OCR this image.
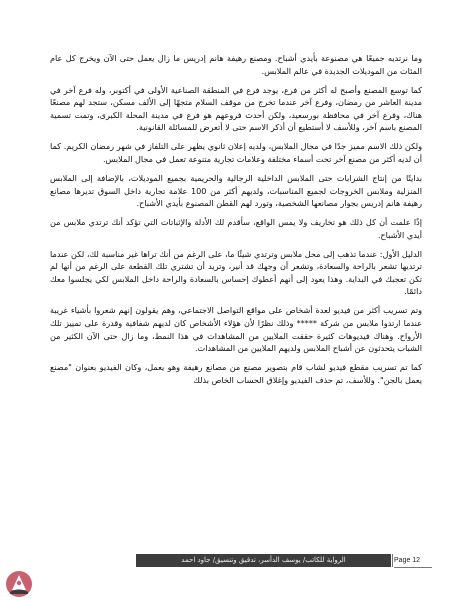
وما نرتديه جميعًا هي مصنوعة بأيدي أشباح. ومصنع رهيفة هانم إدريس ما زال يعمل حتى الآن ويخرج كل عام المئات من الموديلات الجديدة في عالم الملابس.

كما توسع المصنع وأصبح له أكثر من فرع، يوجد فرع في المنطقة الصناعية الأولى في أكتوبر، وله فرع آخر في مدينة العاشر من رمضان، وفرع آخر عندما تخرج من موقف السلام متجهًا إلى الألف مسكن، ستجد لهم مصنعًا هناك، وفرع آخر في محافظة بورسعيد، ولكن أحدث فروعهم هو فرع في مدينة المحلة الكبرى، وتمت تسمية المصنع باسم آخر، وللأسف لا أستطيع أن أذكر الاسم حتى لا أتعرض للمسائلة القانونية.

ولكن ذلك الاسم مميز جدًا في مجال الملابس، ولديه إعلان ثانوي يظهر على التلفاز في شهر رمضان الكريم. كما أن لديه أكثر من مصنع آخر تحت أسماء مختلفة وعلامات تجارية متنوعة تعمل في مجال الملابس.

بدايتًا من إنتاج الشرابات حتى الملابس الداخلية الرجالية والحريمية بجميع الموديلات، بالإضافة إلى الملابس المنزلية وملابس الخروجات لجميع المناسبات، ولديهم أكثر من 100 علامة تجارية داخل السوق تديرها مصانع رهيفة هانم إدريس بجوار مصانعها الشخصية، وتورد لهم القطن المصنوع بأيدي الأشباح.

إذًا علمت أن كل ذلك هو تخاريف ولا يمس الواقع، سأقدم لك الأدلة والإثباتات التي تؤكد أنك ترتدي ملابس من أيدي الأشباح.

الدليل الأول: عندما تذهب إلى محل ملابس وترتدي شيئًا ما، على الرغم من أنك تراها غير مناسبة لك، لكن عندما ترتديها تشعر بالراحة والسعادة، وتشعر أن وجهك قد أنير، وتريد أن تشتري تلك القطعة على الرغم من أنها لم تكن تعجبك في البداية. وهذا يعود إلى أنهم أعطوك إحساس بالسعادة والراحة داخل الملابس لكي يجلسوا معك دائمًا.

وتم تسريب أكثر من فيديو لعدة أشخاص على مواقع التواصل الاجتماعي، وهم يقولون إنهم شعروا بأشياء غريبة عندما ارتدوا ملابس من شركة ***** وذلك نظرًا لأن هؤلاء الأشخاص كان لديهم شفافية وقدرة على تمييز تلك الأرواح. وهناك فيديوهات كثيرة حققت الملايين من المشاهدات في هذا النمط، وما زال حتى الآن الكثير من الشباب يتحدثون عن أشباح الملابس ولديهم الملايين من المشاهدات.

كما تم تسريب مقطع فيديو لشاب قام بتصوير مصنع من مصانع رهيفة وهو يعمل، وكان الفيديو بعنوان "مصنع يعمل بالجن". وللأسف، تم حذف الفيديو وإغلاق الحساب الخاص بذلك

الرواية للكاتب/ يوسف الدأسر، تدقيق وتنسيق/ جاود احمد	Page 12
